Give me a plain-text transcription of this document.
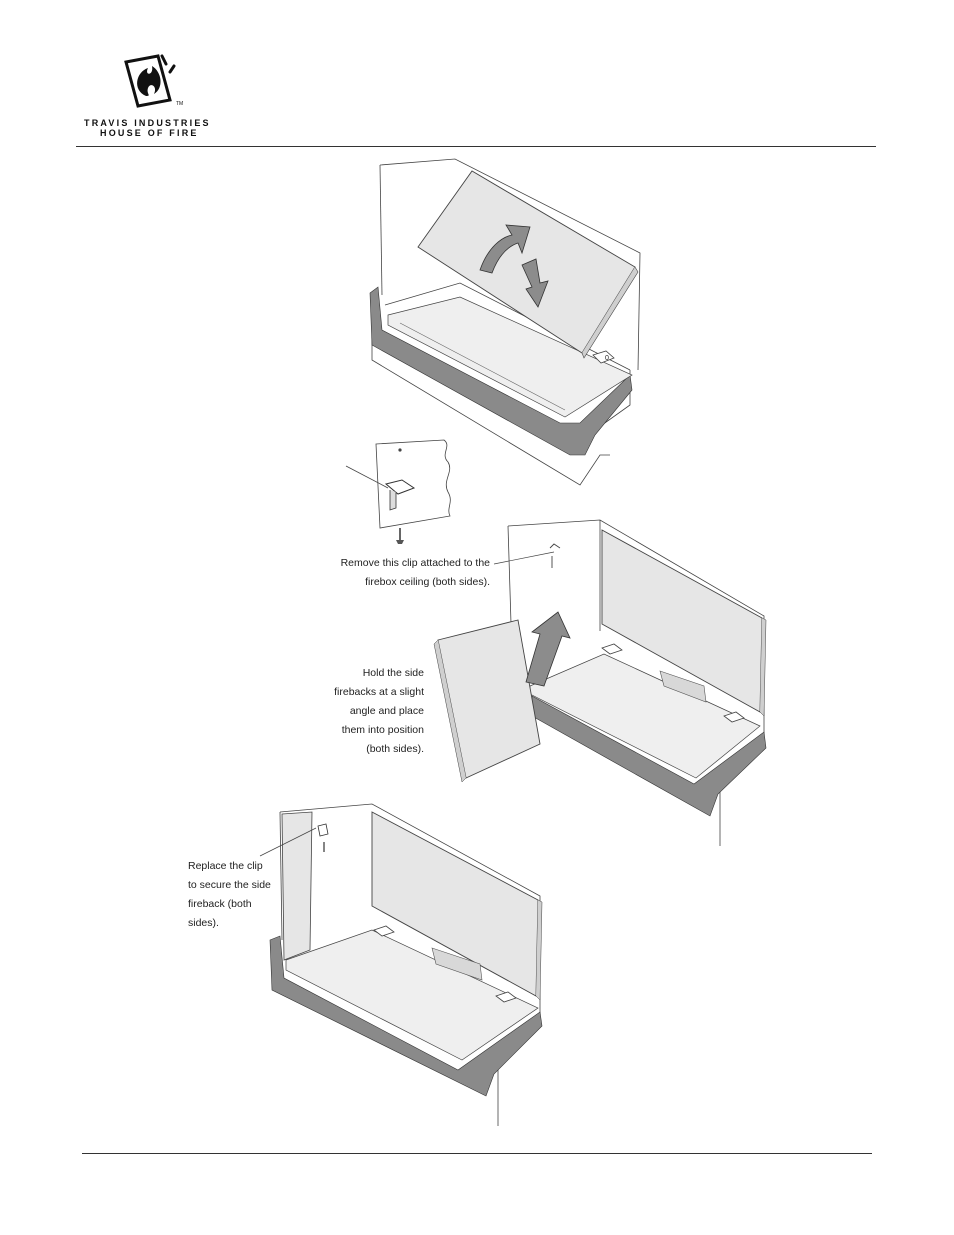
TM
TRAVIS INDUSTRIES
HOUSE OF FIRE
0
Remove this clip attached to the firebox ceiling (both sides).
Hold the side firebacks at a slight angle and place them into position (both sides).
Replace the clip to secure the side fireback (both sides).
